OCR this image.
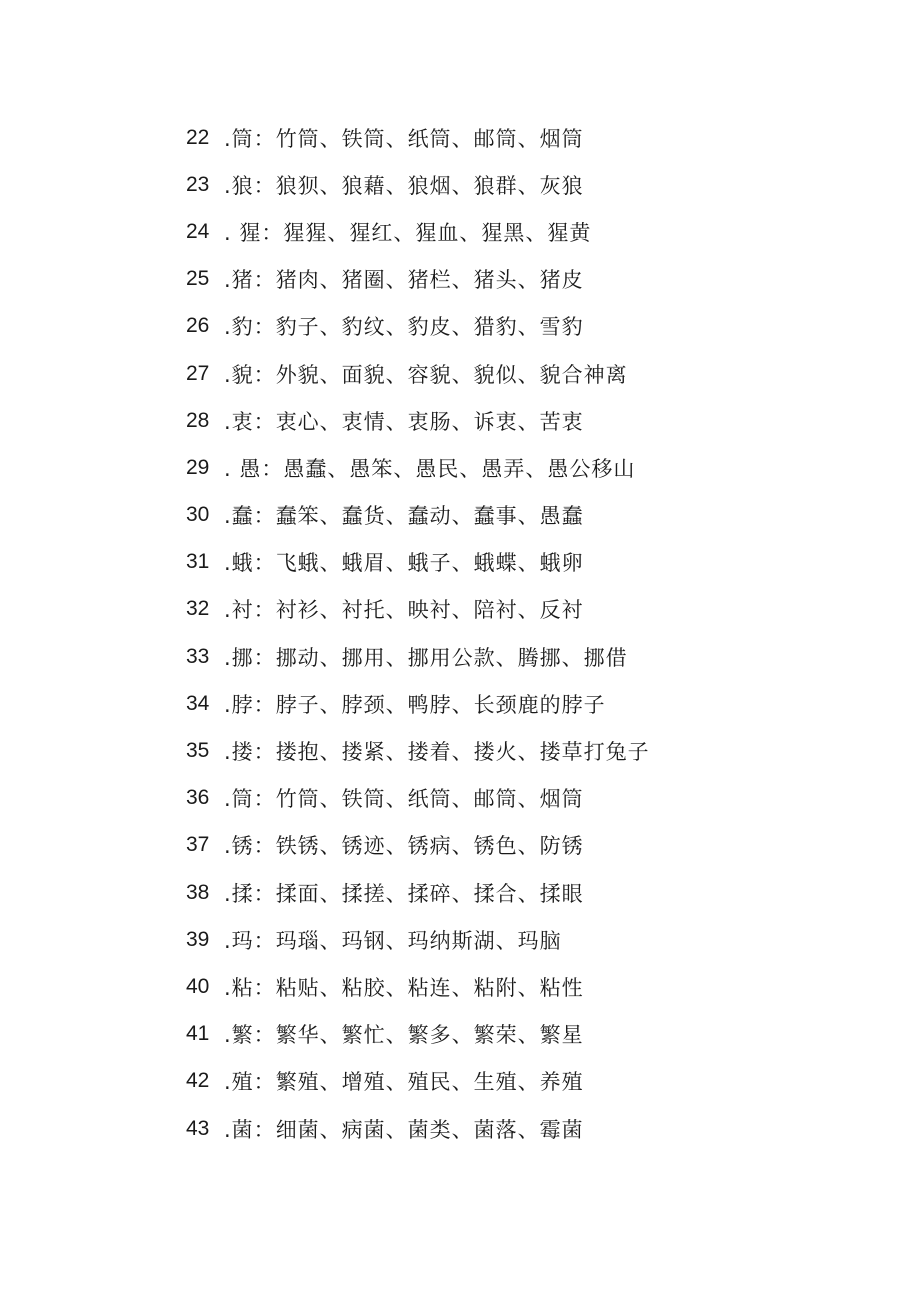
22 .筒： 竹筒、铁筒、纸筒、邮筒、烟筒
23 .狼： 狼狈、狼藉、狼烟、狼群、灰狼
24 . 猩： 猩猩、猩红、猩血、猩黑、猩黄
25 .猪： 猪肉、猪圈、猪栏、猪头、猪皮
26 .豹： 豹子、豹纹、豹皮、猎豹、雪豹
27 .貌： 外貌、面貌、容貌、貌似、貌合神离
28 .衷： 衷心、衷情、衷肠、诉衷、苦衷
29 . 愚： 愚蠢、愚笨、愚民、愚弄、愚公移山
30 .蠢： 蠢笨、蠢货、蠢动、蠢事、愚蠢
31 .蛾： 飞蛾、蛾眉、蛾子、蛾蝶、蛾卵
32 .衬： 衬衫、衬托、映衬、陪衬、反衬
33 .挪： 挪动、挪用、挪用公款、腾挪、挪借
34 .脖： 脖子、脖颈、鸭脖、长颈鹿的脖子
35 .搂： 搂抱、搂紧、搂着、搂火、搂草打兔子
36 .筒： 竹筒、铁筒、纸筒、邮筒、烟筒
37 .锈： 铁锈、锈迹、锈病、锈色、防锈
38 .揉： 揉面、揉搓、揉碎、揉合、揉眼
39 .玛： 玛瑙、玛钢、玛纳斯湖、玛脑
40 .粘： 粘贴、粘胶、粘连、粘附、粘性
41 .繁： 繁华、繁忙、繁多、繁荣、繁星
42 .殖： 繁殖、增殖、殖民、生殖、养殖
43 .菌： 细菌、病菌、菌类、菌落、霉菌
